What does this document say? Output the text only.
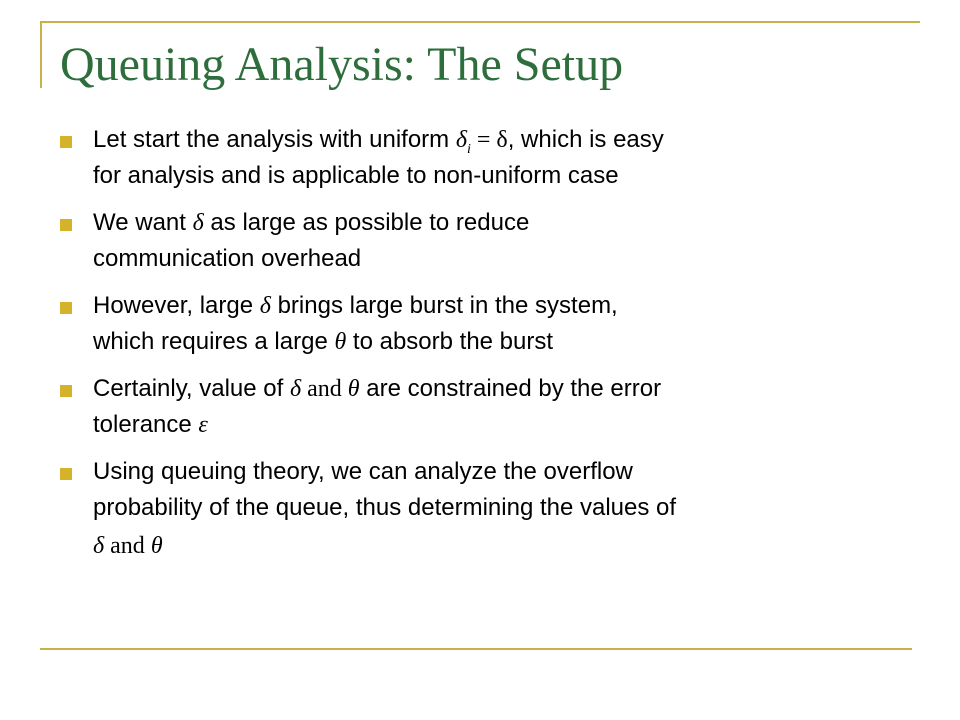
Queuing Analysis: The Setup
Let start the analysis with uniform $\delta_i = \delta$, which is easy
for analysis and is applicable to non-uniform case
We want δ as large as possible to reduce
communication overhead
However, large δ brings large burst in the system,
which requires a large θ to absorb the burst
Certainly, value of δ and θ are constrained by the error
tolerance ε
Using queuing theory, we can analyze the overflow
probability of the queue, thus determining the values of
δ and θ
